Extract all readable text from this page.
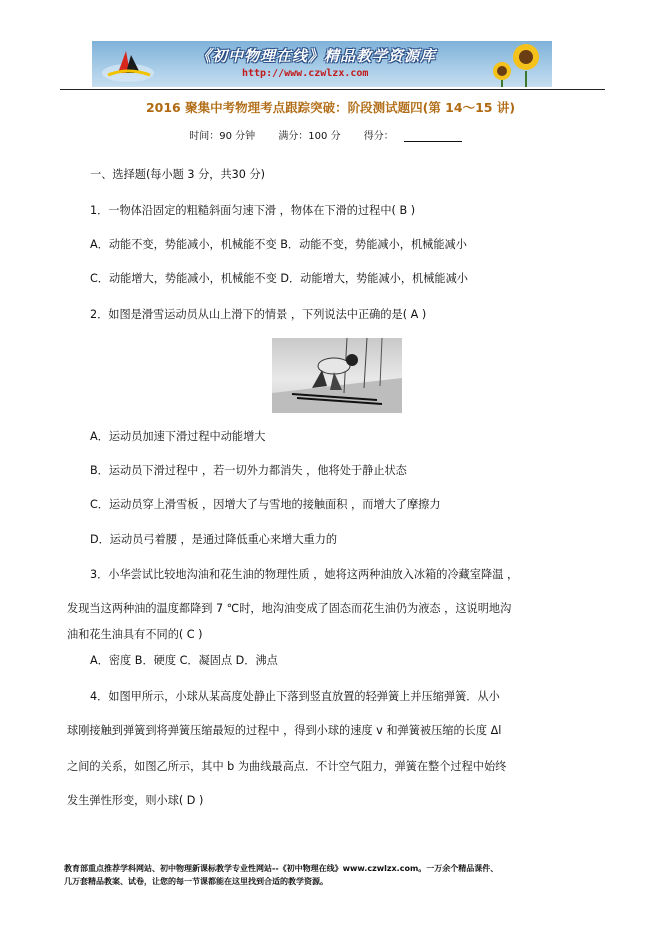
《初中物理在线》精品教学资源库
http://www.czwlzx.com
2016 聚集中考物理考点跟踪突破：阶段测试题四(第 14～15 讲)
时间：90 分钟 满分：100 分 得分：
一、选择题(每小题 3 分，共30 分)
1．一物体沿固定的粗糙斜面匀速下滑 ，物体在下滑的过程中( B )
A．动能不变，势能减小，机械能不变 B．动能不变，势能减小，机械能减小
C．动能增大，势能减小，机械能不变 D．动能增大，势能减小，机械能减小
2．如图是滑雪运动员从山上滑下的情景 ，下列说法中正确的是( A )
A．运动员加速下滑过程中动能增大
B．运动员下滑过程中 ，若一切外力都消失 ，他将处于静止状态
C．运动员穿上滑雪板 ，因增大了与雪地的接触面积 ，而增大了摩擦力
D．运动员弓着腰 ，是通过降低重心来增大重力的
3．小华尝试比较地沟油和花生油的物理性质 ，她将这两种油放入冰箱的冷藏室降温 ，
发现当这两种油的温度都降到 7 ℃时，地沟油变成了固态而花生油仍为液态 ，这说明地沟
油和花生油具有不同的( C )
A．密度 B．硬度 C．凝固点 D．沸点
4．如图甲所示，小球从某高度处静止下落到竖直放置的轻弹簧上并压缩弹簧．从小
球刚接触到弹簧到将弹簧压缩最短的过程中 ，得到小球的速度 v 和弹簧被压缩的长度 Δl
之间的关系，如图乙所示，其中 b 为曲线最高点．不计空气阻力，弹簧在整个过程中始终
发生弹性形变，则小球( D )
教育部重点推荐学科网站、初中物理新课标教学专业性网站--《初中物理在线》www.czwlzx.com。一万余个精品课件、
几万套精品教案、试卷，让您的每一节课都能在这里找到合适的教学资源。
